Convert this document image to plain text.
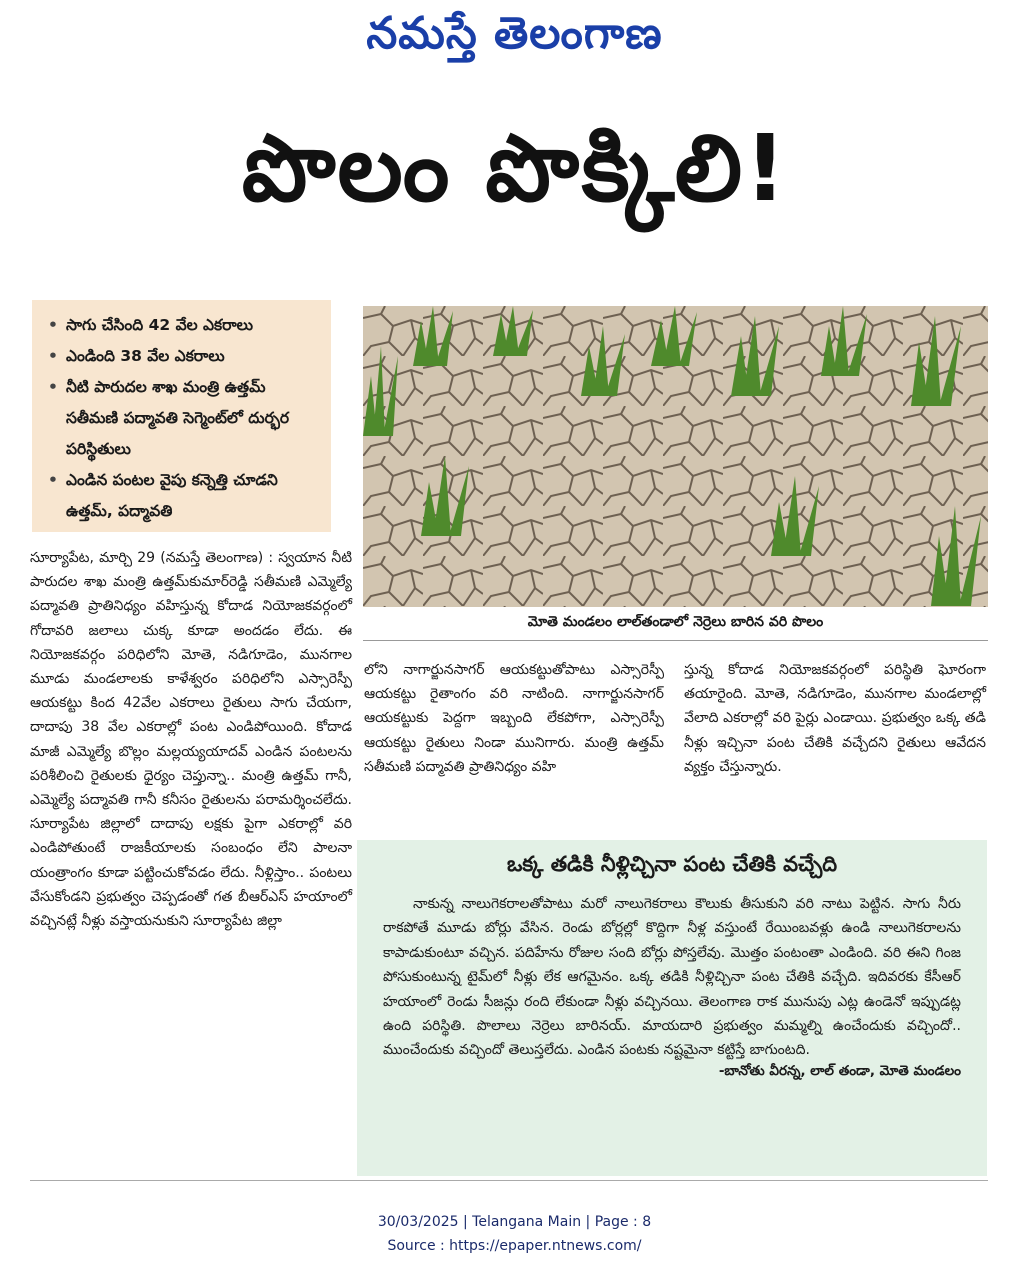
నమస్తే తెలంగాణ
పొలం పొక్కిలి!
• సాగు చేసింది 42 వేల ఎకరాలు
• ఎండింది 38 వేల ఎకరాలు
• నీటి పారుదల శాఖ మంత్రి ఉత్తమ్ సతీమణి పద్మావతి సెగ్మెంట్‌లో దుర్భర పరిస్థితులు
• ఎండిన పంటల వైపు కన్నెత్తి చూడని ఉత్తమ్, పద్మావతి
మోతె మండలం లాల్‌తండాలో నెర్రెలు బారిన వరి పొలం
సూర్యాపేట, మార్చి 29 (నమస్తే తెలంగాణ) : స్వయాన నీటి పారుదల శాఖ మంత్రి ఉత్తమ్‌కుమార్‌రెడ్డి సతీమణి ఎమ్మెల్యే పద్మావతి ప్రాతినిధ్యం వహిస్తున్న కోదాడ నియోజకవర్గంలో గోదావరి జలాలు చుక్క కూడా అందడం లేదు. ఈ నియోజకవర్గం పరిధిలోని మోతె, నడిగూడెం, మునగాల మూడు మండలాలకు కాళేశ్వరం పరిధిలోని ఎస్సారెస్పీ ఆయకట్టు కింద 42వేల ఎకరాలు రైతులు సాగు చేయగా, దాదాపు 38 వేల ఎకరాల్లో పంట ఎండిపోయింది. కోదాడ మాజీ ఎమ్మెల్యే బొల్లం మల్లయ్యయాదవ్ ఎండిన పంటలను పరిశీలించి రైతులకు ధైర్యం చెప్తున్నా.. మంత్రి ఉత్తమ్ గానీ, ఎమ్మెల్యే పద్మావతి గానీ కనీసం రైతులను పరామర్శించలేదు. సూర్యాపేట జిల్లాలో దాదాపు లక్షకు పైగా ఎకరాల్లో వరి ఎండిపోతుంటే రాజకీయాలకు సంబంధం లేని పాలనా యంత్రాంగం కూడా పట్టించుకోవడం లేదు. నీళ్లిస్తాం.. పంటలు వేసుకోండని ప్రభుత్వం చెప్పడంతో గత బీఆర్‌ఎస్ హయాంలో వచ్చినట్లే నీళ్లు వస్తాయనుకుని సూర్యాపేట జిల్లా
లోని నాగార్జునసాగర్ ఆయకట్టుతోపాటు ఎస్సారెస్పీ ఆయకట్టు రైతాంగం వరి నాటింది. నాగార్జునసాగర్ ఆయకట్టుకు పెద్దగా ఇబ్బంది లేకపోగా, ఎస్సారెస్పీ ఆయకట్టు రైతులు నిండా మునిగారు. మంత్రి ఉత్తమ్ సతీమణి పద్మావతి ప్రాతినిధ్యం వహి
స్తున్న కోదాడ నియోజకవర్గంలో పరిస్థితి ఘోరంగా తయారైంది. మోతె, నడిగూడెం, మునగాల మండలాల్లో వేలాది ఎకరాల్లో వరి పైర్లు ఎండాయి. ప్రభుత్వం ఒక్క తడి నీళ్లు ఇచ్చినా పంట చేతికి వచ్చేదని రైతులు ఆవేదన వ్యక్తం చేస్తున్నారు.
ఒక్క తడికి నీళ్లిచ్చినా పంట చేతికి వచ్చేది
నాకున్న నాలుగెకరాలతోపాటు మరో నాలుగెకరాలు కౌలుకు తీసుకుని వరి నాటు పెట్టిన. సాగు నీరు రాకపోతే మూడు బోర్లు వేసిన. రెండు బోర్లల్లో కొద్దిగా నీళ్ల వస్తుంటే రేయింబవళ్లు ఉండి నాలుగెకరాలను కాపాడుకుంటూ వచ్చిన. పదిహేను రోజుల సంది బోర్లు పోస్తలేవు. మొత్తం పంటంతా ఎండింది. వరి ఈని గింజ పోసుకుంటున్న టైమ్‌లో నీళ్లు లేక ఆగమైనం. ఒక్క తడికి నీళ్లిచ్చినా పంట చేతికి వచ్చేది. ఇదివరకు కేసీఆర్ హయాంలో రెండు సీజన్లు రంది లేకుండా నీళ్లు వచ్చినయి. తెలంగాణ రాక మునుపు ఎట్ల ఉండెనో ఇప్పుడట్ల ఉంది పరిస్థితి. పొలాలు నెర్రెలు బారినయ్. మాయదారి ప్రభుత్వం మమ్మల్ని ఉంచేందుకు వచ్చిందో.. ముంచేందుకు వచ్చిందో తెలుస్తలేదు. ఎండిన పంటకు నష్టమైనా కట్టిస్తే బాగుంటది.
-బానోతు వీరన్న, లాల్ తండా, మోతె మండలం
30/03/2025 | Telangana Main | Page : 8
Source : https://epaper.ntnews.com/
